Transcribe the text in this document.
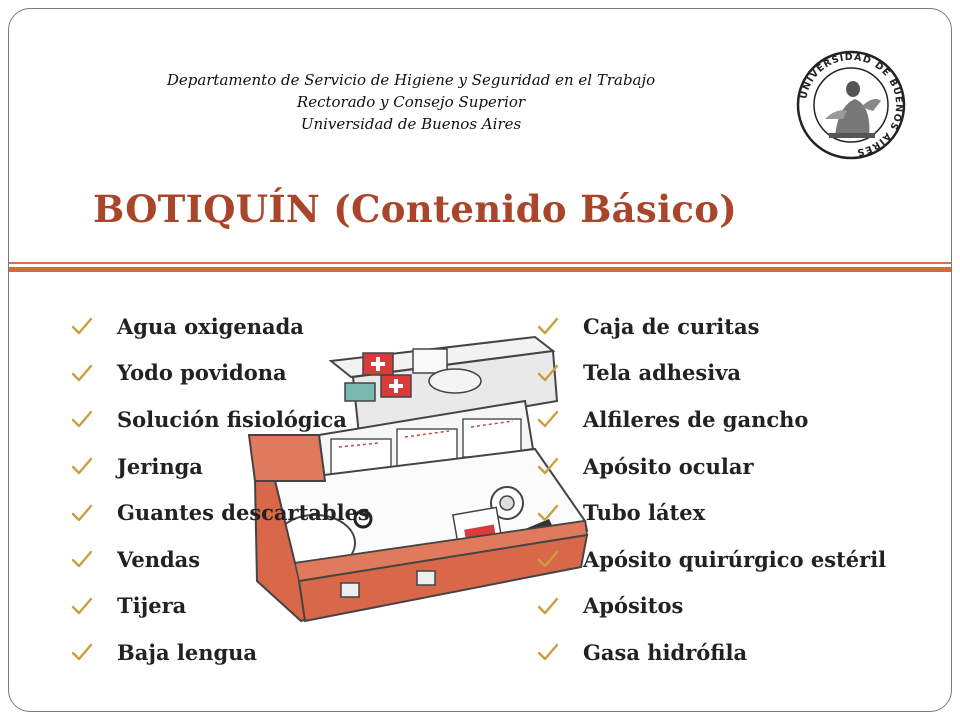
Departamento de Servicio de Higiene y Seguridad en el Trabajo
Rectorado y Consejo Superior
Universidad de Buenos Aires
UNIVERSIDAD DE BUENOS AIRES
BOTIQUÍN (Contenido Básico)
Agua oxigenada
Yodo povidona
Solución fisiológica
Jeringa
Guantes descartables
Vendas
Tijera
Baja lengua
Caja de curitas
Tela adhesiva
Alfileres de gancho
Apósito ocular
Tubo látex
Apósito quirúrgico estéril
Apósitos
Gasa hidrófila
